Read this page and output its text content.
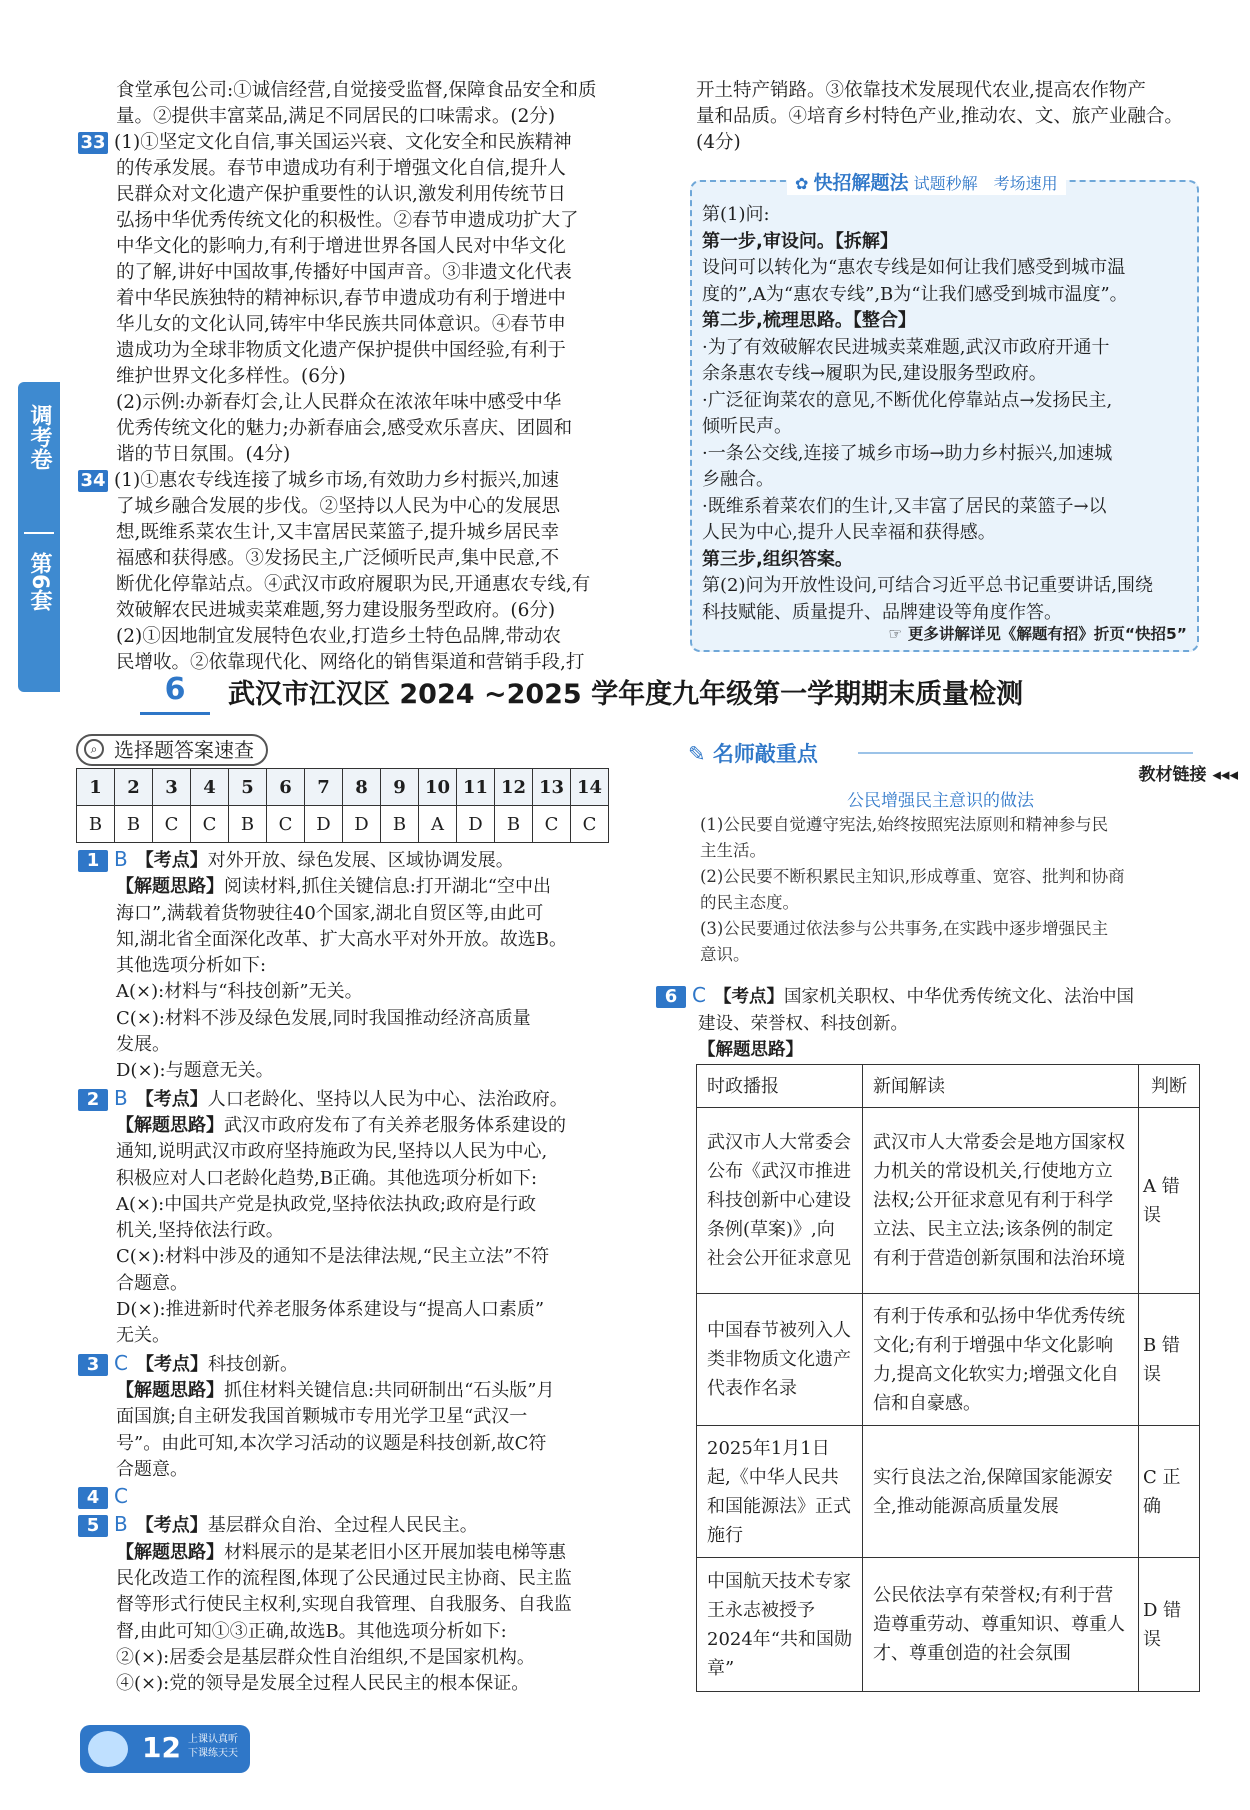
调考卷
第6套

食堂承包公司:①诚信经营,自觉接受监督,保障食品安全和质

量。②提供丰富菜品,满足不同居民的口味需求。(2分)

33 (1)①坚定文化自信,事关国运兴衰、文化安全和民族精神

的传承发展。春节申遗成功有利于增强文化自信,提升人

民群众对文化遗产保护重要性的认识,激发利用传统节日

弘扬中华优秀传统文化的积极性。②春节申遗成功扩大了

中华文化的影响力,有利于增进世界各国人民对中华文化

的了解,讲好中国故事,传播好中国声音。③非遗文化代表

着中华民族独特的精神标识,春节申遗成功有利于增进中

华儿女的文化认同,铸牢中华民族共同体意识。④春节申

遗成功为全球非物质文化遗产保护提供中国经验,有利于

维护世界文化多样性。(6分)

(2)示例:办新春灯会,让人民群众在浓浓年味中感受中华

优秀传统文化的魅力;办新春庙会,感受欢乐喜庆、团圆和

谐的节日氛围。(4分)

34 (1)①惠农专线连接了城乡市场,有效助力乡村振兴,加速

了城乡融合发展的步伐。②坚持以人民为中心的发展思

想,既维系菜农生计,又丰富居民菜篮子,提升城乡居民幸

福感和获得感。③发扬民主,广泛倾听民声,集中民意,不

断优化停靠站点。④武汉市政府履职为民,开通惠农专线,有

效破解农民进城卖菜难题,努力建设服务型政府。(6分)

(2)①因地制宜发展特色农业,打造乡土特色品牌,带动农

民增收。②依靠现代化、网络化的销售渠道和营销手段,打

开土特产销路。③依靠技术发展现代农业,提高农作物产

量和品质。④培育乡村特色产业,推动农、文、旅产业融合。

(4分)

✿ 快招解题法 试题秒解　考场速用
第(1)问:
第一步,审设问。【拆解】
设问可以转化为“惠农专线是如何让我们感受到城市温
度的”,A为“惠农专线”,B为“让我们感受到城市温度”。
第二步,梳理思路。【整合】
·为了有效破解农民进城卖菜难题,武汉市政府开通十
余条惠农专线→履职为民,建设服务型政府。
·广泛征询菜农的意见,不断优化停靠站点→发扬民主,
倾听民声。
·一条公交线,连接了城乡市场→助力乡村振兴,加速城
乡融合。
·既维系着菜农们的生计,又丰富了居民的菜篮子→以
人民为中心,提升人民幸福和获得感。
第三步,组织答案。
第(2)问为开放性设问,可结合习近平总书记重要讲话,围绕
科技赋能、质量提升、品牌建设等角度作答。
☞ 更多讲解详见《解题有招》折页“快招5”
6	武汉市江汉区 2024 ~2025 学年度九年级第一学期期末质量检测
⌕ 选择题答案速查
1	2	3	4	5	6	7	8	9	10	11	12	13	14
B	B	C	C	B	C	D	D	B	A	D	B	C	C

1 B 【考点】对外开放、绿色发展、区域协调发展。

【解题思路】阅读材料,抓住关键信息:打开湖北“空中出

海口”,满载着货物驶往40个国家,湖北自贸区等,由此可

知,湖北省全面深化改革、扩大高水平对外开放。故选B。

其他选项分析如下:

A(×):材料与“科技创新”无关。

C(×):材料不涉及绿色发展,同时我国推动经济高质量

发展。

D(×):与题意无关。

2 B 【考点】人口老龄化、坚持以人民为中心、法治政府。

【解题思路】武汉市政府发布了有关养老服务体系建设的

通知,说明武汉市政府坚持施政为民,坚持以人民为中心,

积极应对人口老龄化趋势,B正确。其他选项分析如下:

A(×):中国共产党是执政党,坚持依法执政;政府是行政

机关,坚持依法行政。

C(×):材料中涉及的通知不是法律法规,“民主立法”不符

合题意。

D(×):推进新时代养老服务体系建设与“提高人口素质”

无关。

3 C 【考点】科技创新。

【解题思路】抓住材料关键信息:共同研制出“石头版”月

面国旗;自主研发我国首颗城市专用光学卫星“武汉一

号”。由此可知,本次学习活动的议题是科技创新,故C符

合题意。

4 C

5 B 【考点】基层群众自治、全过程人民民主。

【解题思路】材料展示的是某老旧小区开展加装电梯等惠

民化改造工作的流程图,体现了公民通过民主协商、民主监

督等形式行使民主权利,实现自我管理、自我服务、自我监

督,由此可知①③正确,故选B。其他选项分析如下:

②(×):居委会是基层群众性自治组织,不是国家机构。

④(×):党的领导是发展全过程人民民主的根本保证。

✎ 名师敲重点
教材链接 ◂◂◂
公民增强民主意识的做法
(1)公民要自觉遵守宪法,始终按照宪法原则和精神参与民
主生活。
(2)公民要不断积累民主知识,形成尊重、宽容、批判和协商
的民主态度。
(3)公民要通过依法参与公共事务,在实践中逐步增强民主
意识。

6 C 【考点】国家机关职权、中华优秀传统文化、法治中国

建设、荣誉权、科技创新。

【解题思路】

时政播报	新闻解读	判断
武汉市人大常委会公布《武汉市推进科技创新中心建设条例(草案)》,向社会公开征求意见	武汉市人大常委会是地方国家权力机关的常设机关,行使地方立法权;公开征求意见有利于科学立法、民主立法;该条例的制定有利于营造创新氛围和法治环境	A 错误
中国春节被列入人类非物质文化遗产代表作名录	有利于传承和弘扬中华优秀传统文化;有利于增强中华文化影响力,提高文化软实力;增强文化自信和自豪感。	B 错误
2025年1月1日起,《中华人民共和国能源法》正式施行	实行良法之治,保障国家能源安全,推动能源高质量发展	C 正确
中国航天技术专家王永志被授予2024年“共和国勋章”	公民依法享有荣誉权;有利于营造尊重劳动、尊重知识、尊重人才、尊重创造的社会氛围	D 错误
12 上课认真听
下课练天天
